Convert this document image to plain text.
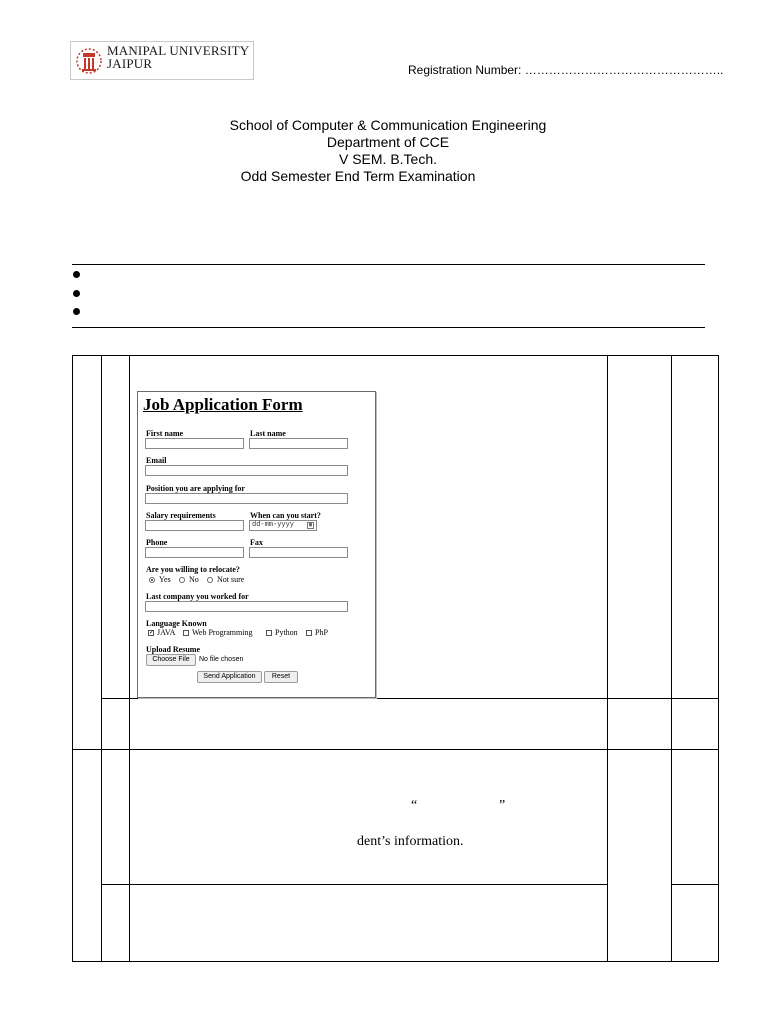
MANIPAL UNIVERSITY
JAIPUR	Registration Number: …………………………………………..
School of Computer & Communication Engineering
Department of CCE
V SEM. B.Tech.
Odd Semester End Term Examination
Job Application Form
First name	Last name
Email
Position you are applying for
Salary requirements	When can you start?
dd-mm-yyyy	▦
Phone	Fax
Are you willing to relocate?
Yes No Not sure
Last company you worked for
Language Known
✓ JAVA Web Programming	Python PhP
Upload Resume
Choose File	No file chosen
Send Application	Reset
“	”
dent’s information.
